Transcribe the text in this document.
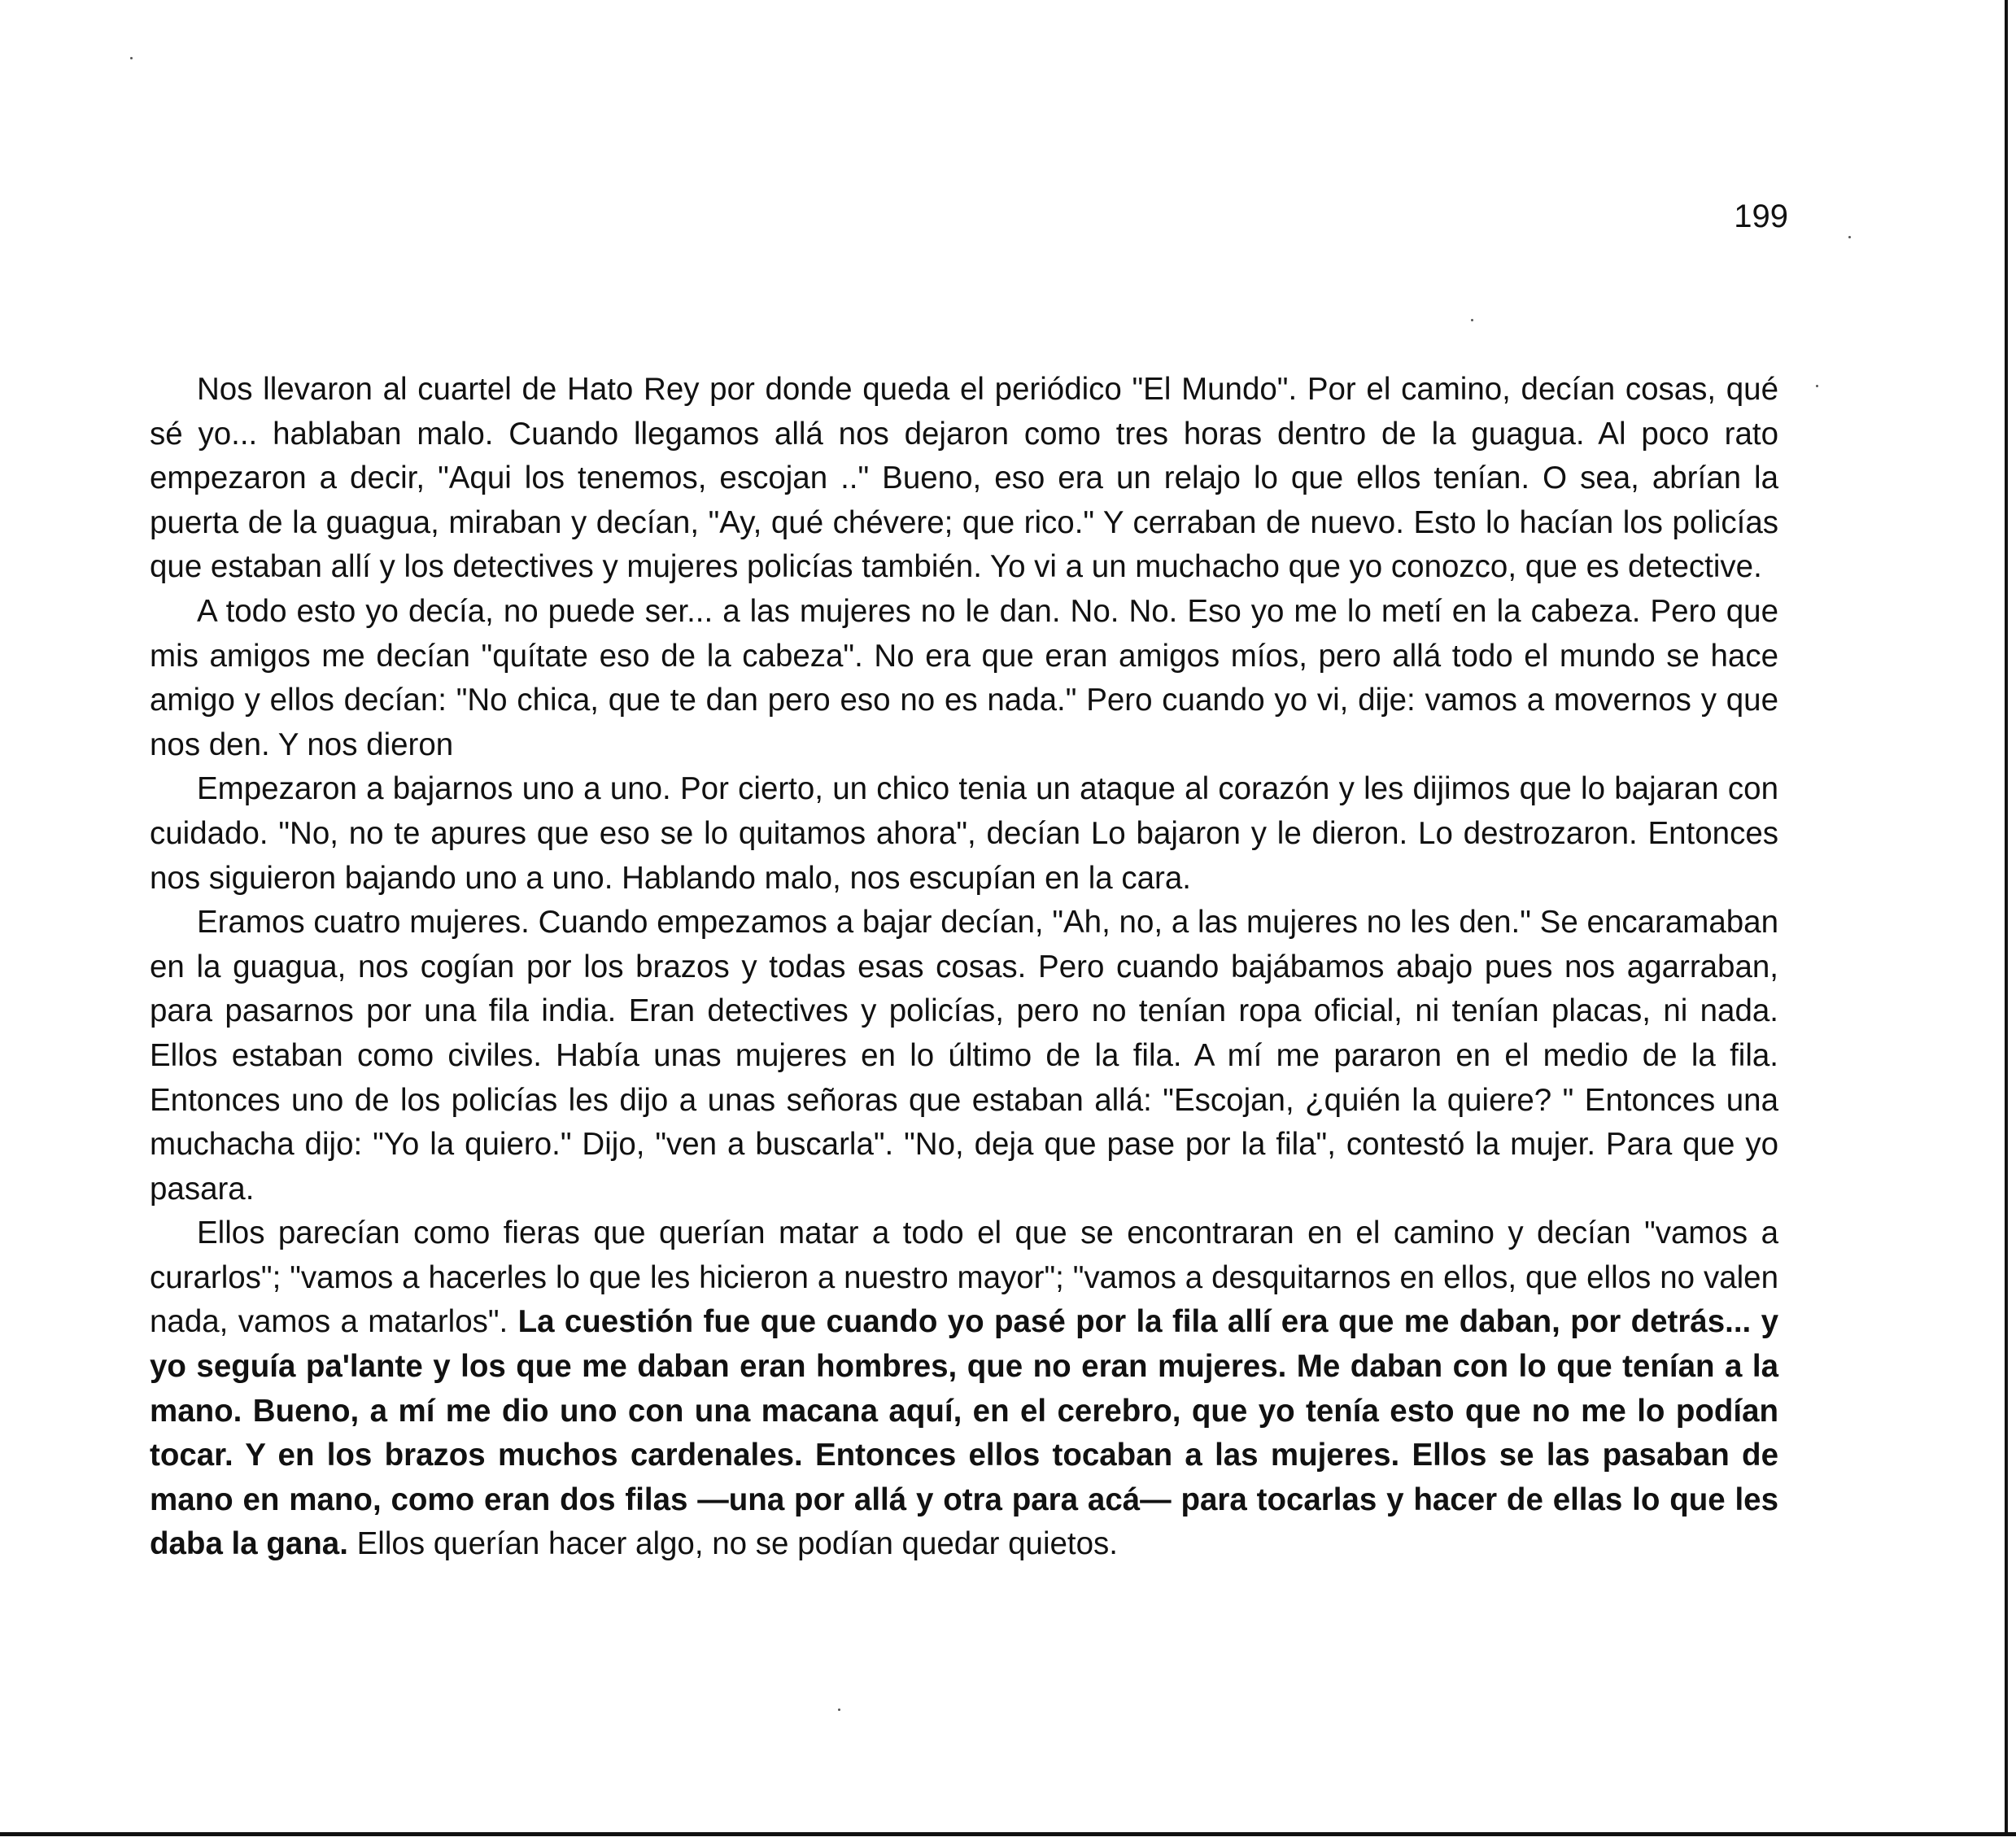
199

Nos llevaron al cuartel de Hato Rey por donde queda el periódico "El Mundo". Por el camino, decían cosas, qué sé yo... hablaban malo. Cuando llegamos allá nos dejaron como tres horas dentro de la guagua. Al poco rato empezaron a decir, "Aqui los tenemos, escojan .." Bueno, eso era un relajo lo que ellos tenían. O sea, abrían la puerta de la guagua, miraban y decían, "Ay, qué chévere; que rico." Y cerraban de nuevo. Esto lo hacían los policías que estaban allí y los detectives y mujeres policías también. Yo vi a un muchacho que yo conozco, que es detective.

A todo esto yo decía, no puede ser... a las mujeres no le dan. No. No. Eso yo me lo metí en la cabeza. Pero que mis amigos me decían "quítate eso de la cabeza". No era que eran amigos míos, pero allá todo el mundo se hace amigo y ellos decían: "No chica, que te dan pero eso no es nada." Pero cuando yo vi, dije: vamos a movernos y que nos den. Y nos dieron

Empezaron a bajarnos uno a uno. Por cierto, un chico tenia un ataque al corazón y les dijimos que lo bajaran con cuidado. "No, no te apures que eso se lo quitamos ahora", decían Lo bajaron y le dieron. Lo destrozaron. Entonces nos siguieron bajando uno a uno. Hablando malo, nos escupían en la cara.

Eramos cuatro mujeres. Cuando empezamos a bajar decían, "Ah, no, a las mujeres no les den." Se encaramaban en la guagua, nos cogían por los brazos y todas esas cosas. Pero cuando bajábamos abajo pues nos agarraban, para pasarnos por una fila india. Eran detectives y policías, pero no tenían ropa oficial, ni tenían placas, ni nada. Ellos estaban como civiles. Había unas mujeres en lo último de la fila. A mí me pararon en el medio de la fila. Entonces uno de los policías les dijo a unas señoras que estaban allá: "Escojan, ¿quién la quiere? " Entonces una muchacha dijo: "Yo la quiero." Dijo, "ven a buscarla". "No, deja que pase por la fila", contestó la mujer. Para que yo pasara.

Ellos parecían como fieras que querían matar a todo el que se encontraran en el camino y decían "vamos a curarlos"; "vamos a hacerles lo que les hicieron a nuestro mayor"; "vamos a desquitarnos en ellos, que ellos no valen nada, vamos a matarlos". La cuestión fue que cuando yo pasé por la fila allí era que me daban, por detrás... y yo seguía pa'lante y los que me daban eran hombres, que no eran mujeres. Me daban con lo que tenían a la mano. Bueno, a mí me dio uno con una macana aquí, en el cerebro, que yo tenía esto que no me lo podían tocar. Y en los brazos muchos cardenales. Entonces ellos tocaban a las mujeres. Ellos se las pasaban de mano en mano, como eran dos filas —una por allá y otra para acá— para tocarlas y hacer de ellas lo que les daba la gana. Ellos querían hacer algo, no se podían quedar quietos.
